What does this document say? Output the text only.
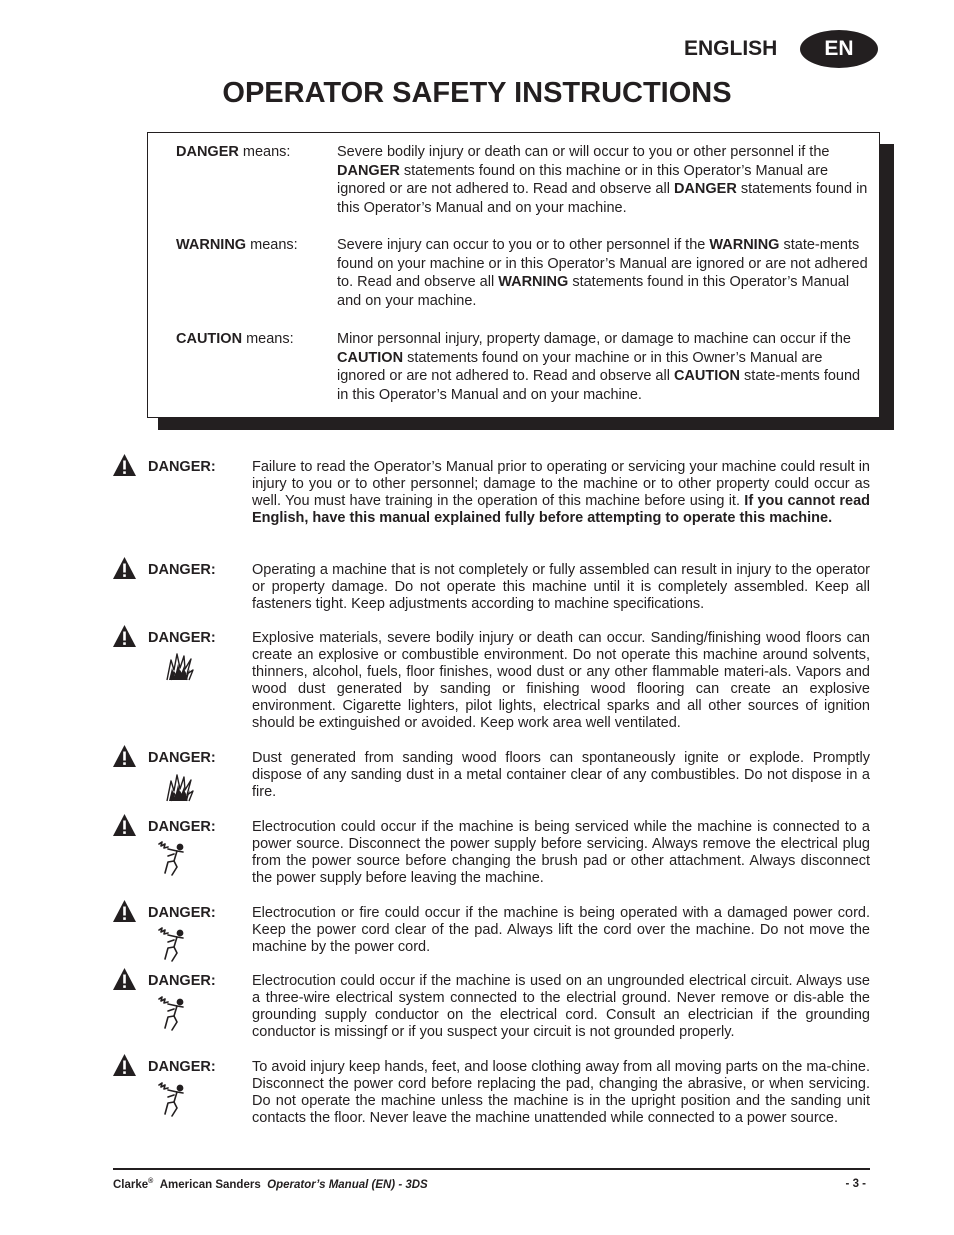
ENGLISH	EN
OPERATOR SAFETY INSTRUCTIONS
DANGER means:	Severe bodily injury or death can or will occur to you or other personnel if the DANGER statements found on this machine or in this Operator’s Manual are ignored or are not adhered to. Read and observe all DANGER statements found in this Operator’s Manual and on your machine.
WARNING means:	Severe injury can occur to you or to other personnel if the WARNING state-ments found on your machine or in this Operator’s Manual are ignored or are not adhered to. Read and observe all WARNING statements found in this Operator’s Manual and on your machine.
CAUTION means:	Minor personnal injury, property damage, or damage to machine can occur if the CAUTION statements found on your machine or in this Owner’s Manual are ignored or are not adhered to. Read and observe all CAUTION state-ments found in this Operator’s Manual and on your machine.
DANGER:	Failure to read the Operator’s Manual prior to operating or servicing your machine could result in injury to you or to other personnel; damage to the machine or to other property could occur as well. You must have training in the operation of this machine before using it. If you cannot read English, have this manual explained fully before attempting to operate this machine.
DANGER:	Operating a machine that is not completely or fully assembled can result in injury to the operator or property damage. Do not operate this machine until it is completely assembled. Keep all fasteners tight. Keep adjustments according to machine specifications.
DANGER:	Explosive materials, severe bodily injury or death can occur. Sanding/finishing wood floors can create an explosive or combustible environment. Do not operate this machine around solvents, thinners, alcohol, fuels, floor finishes, wood dust or any other flammable materi-als. Vapors and wood dust generated by sanding or finishing wood flooring can create an explosive environment. Cigarette lighters, pilot lights, electrical sparks and all other sources of ignition should be extinguished or avoided. Keep work area well ventilated.
DANGER:	Dust generated from sanding wood floors can spontaneously ignite or explode. Promptly dispose of any sanding dust in a metal container clear of any combustibles. Do not dispose in a fire.
DANGER:	Electrocution could occur if the machine is being serviced while the machine is connected to a power source. Disconnect the power supply before servicing. Always remove the electrical plug from the power source before changing the brush pad or other attachment. Always disconnect the power supply before leaving the machine.
DANGER:	Electrocution or fire could occur if the machine is being operated with a damaged power cord. Keep the power cord clear of the pad. Always lift the cord over the machine. Do not move the machine by the power cord.
DANGER:	Electrocution could occur if the machine is used on an ungrounded electrical circuit. Always use a three-wire electrical system connected to the electrial ground. Never remove or dis-able the grounding supply conductor on the electrical cord. Consult an electrician if the grounding conductor is missingf or if you suspect your circuit is not grounded properly.
DANGER:	To avoid injury keep hands, feet, and loose clothing away from all moving parts on the ma-chine. Disconnect the power cord before replacing the pad, changing the abrasive, or when servicing. Do not operate the machine unless the machine is in the upright position and the sanding unit contacts the floor. Never leave the machine unattended while connected to a power source.
Clarke® American Sanders Operator’s Manual (EN) - 3DS	- 3 -
